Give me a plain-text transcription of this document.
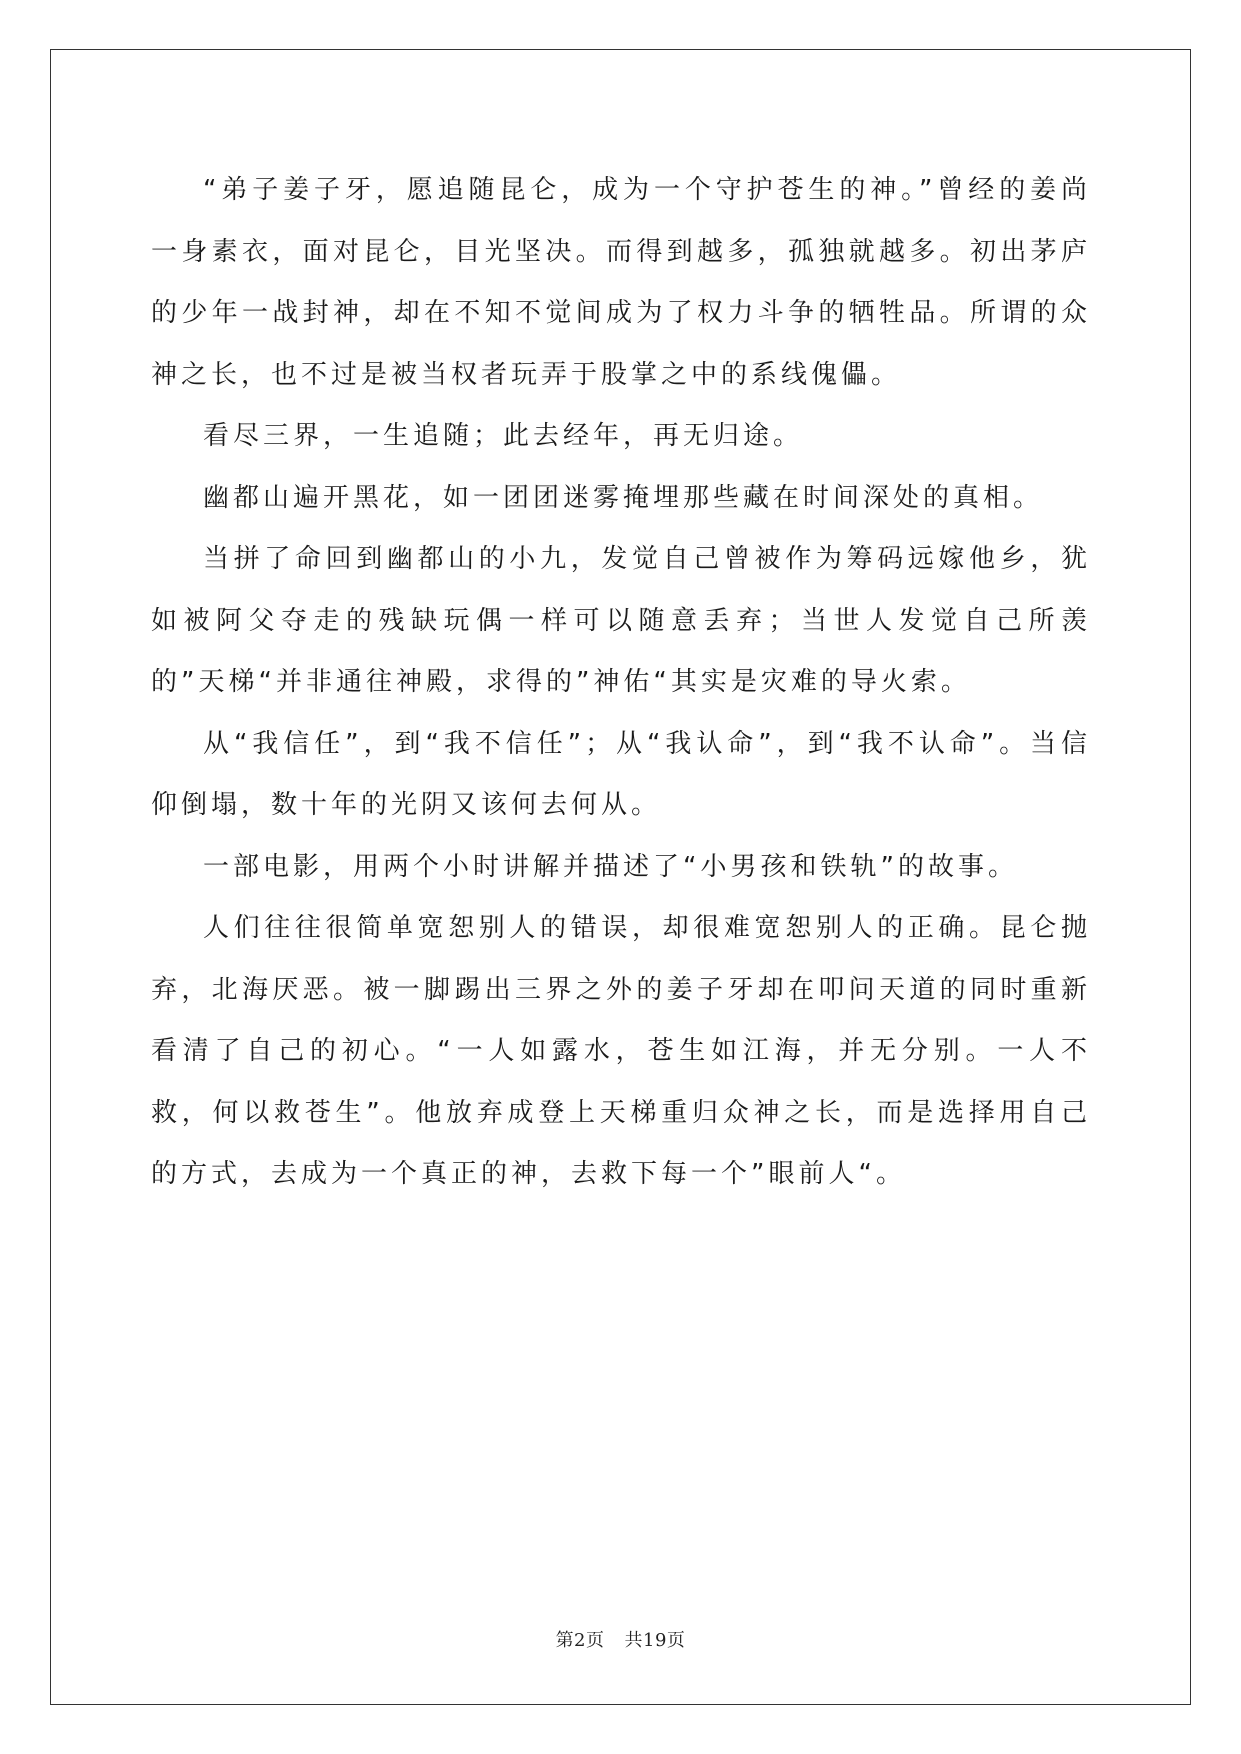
“弟子姜子牙，愿追随昆仑，成为一个守护苍生的神。”曾经的姜尚一身素衣，面对昆仑，目光坚决。而得到越多，孤独就越多。初出茅庐的少年一战封神，却在不知不觉间成为了权力斗争的牺牲品。所谓的众神之长，也不过是被当权者玩弄于股掌之中的系线傀儡。

看尽三界，一生追随；此去经年，再无归途。

幽都山遍开黑花，如一团团迷雾掩埋那些藏在时间深处的真相。

当拼了命回到幽都山的小九，发觉自己曾被作为筹码远嫁他乡，犹如被阿父夺走的残缺玩偶一样可以随意丢弃；当世人发觉自己所羡的”天梯“并非通往神殿，求得的”神佑“其实是灾难的导火索。

从“我信任”，到“我不信任”；从“我认命”，到“我不认命”。当信仰倒塌，数十年的光阴又该何去何从。

一部电影，用两个小时讲解并描述了“小男孩和铁轨”的故事。

人们往往很简单宽恕别人的错误，却很难宽恕别人的正确。昆仑抛弃，北海厌恶。被一脚踢出三界之外的姜子牙却在叩问天道的同时重新看清了自己的初心。“一人如露水，苍生如江海，并无分别。一人不救，何以救苍生”。他放弃成登上天梯重归众神之长，而是选择用自己的方式，去成为一个真正的神，去救下每一个”眼前人“。

第2页 共19页
